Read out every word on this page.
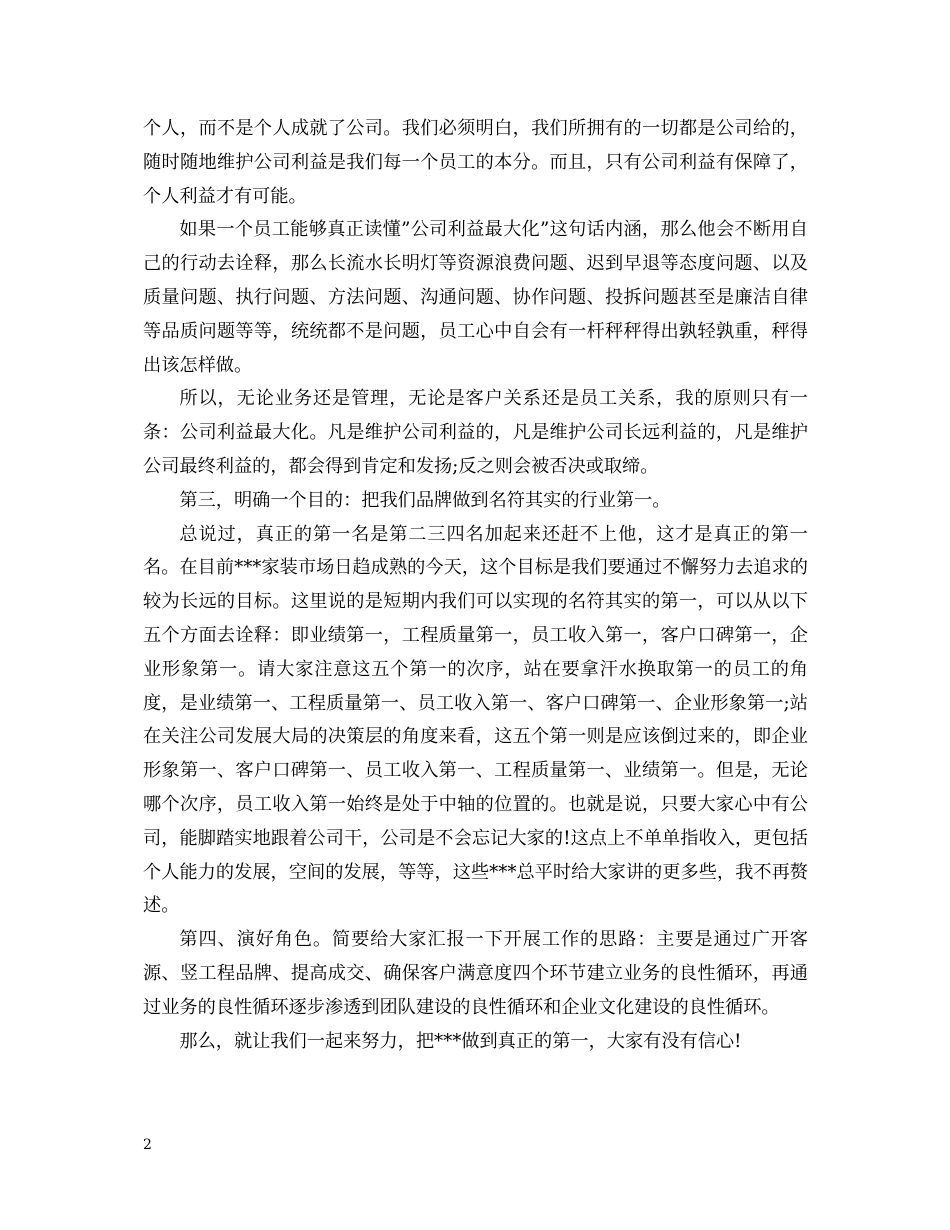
个人，而不是个人成就了公司。我们必须明白，我们所拥有的一切都是公司给的，随时随地维护公司利益是我们每一个员工的本分。而且，只有公司利益有保障了，个人利益才有可能。

如果一个员工能够真正读懂”公司利益最大化”这句话内涵，那么他会不断用自己的行动去诠释，那么长流水长明灯等资源浪费问题、迟到早退等态度问题、以及质量问题、执行问题、方法问题、沟通问题、协作问题、投拆问题甚至是廉洁自律等品质问题等等，统统都不是问题，员工心中自会有一杆秤秤得出孰轻孰重，秤得出该怎样做。

所以，无论业务还是管理，无论是客户关系还是员工关系，我的原则只有一条：公司利益最大化。凡是维护公司利益的，凡是维护公司长远利益的，凡是维护公司最终利益的，都会得到肯定和发扬;反之则会被否决或取缔。

第三，明确一个目的：把我们品牌做到名符其实的行业第一。

总说过，真正的第一名是第二三四名加起来还赶不上他，这才是真正的第一名。在目前***家装市场日趋成熟的今天，这个目标是我们要通过不懈努力去追求的较为长远的目标。这里说的是短期内我们可以实现的名符其实的第一，可以从以下五个方面去诠释：即业绩第一，工程质量第一，员工收入第一，客户口碑第一，企业形象第一。请大家注意这五个第一的次序，站在要拿汗水换取第一的员工的角度，是业绩第一、工程质量第一、员工收入第一、客户口碑第一、企业形象第一;站在关注公司发展大局的决策层的角度来看，这五个第一则是应该倒过来的，即企业形象第一、客户口碑第一、员工收入第一、工程质量第一、业绩第一。但是，无论哪个次序，员工收入第一始终是处于中轴的位置的。也就是说，只要大家心中有公司，能脚踏实地跟着公司干，公司是不会忘记大家的!这点上不单单指收入，更包括个人能力的发展，空间的发展，等等，这些***总平时给大家讲的更多些，我不再赘述。

第四、演好角色。简要给大家汇报一下开展工作的思路：主要是通过广开客源、竖工程品牌、提高成交、确保客户满意度四个环节建立业务的良性循环，再通过业务的良性循环逐步渗透到团队建设的良性循环和企业文化建设的良性循环。

那么，就让我们一起来努力，把***做到真正的第一，大家有没有信心!

2
